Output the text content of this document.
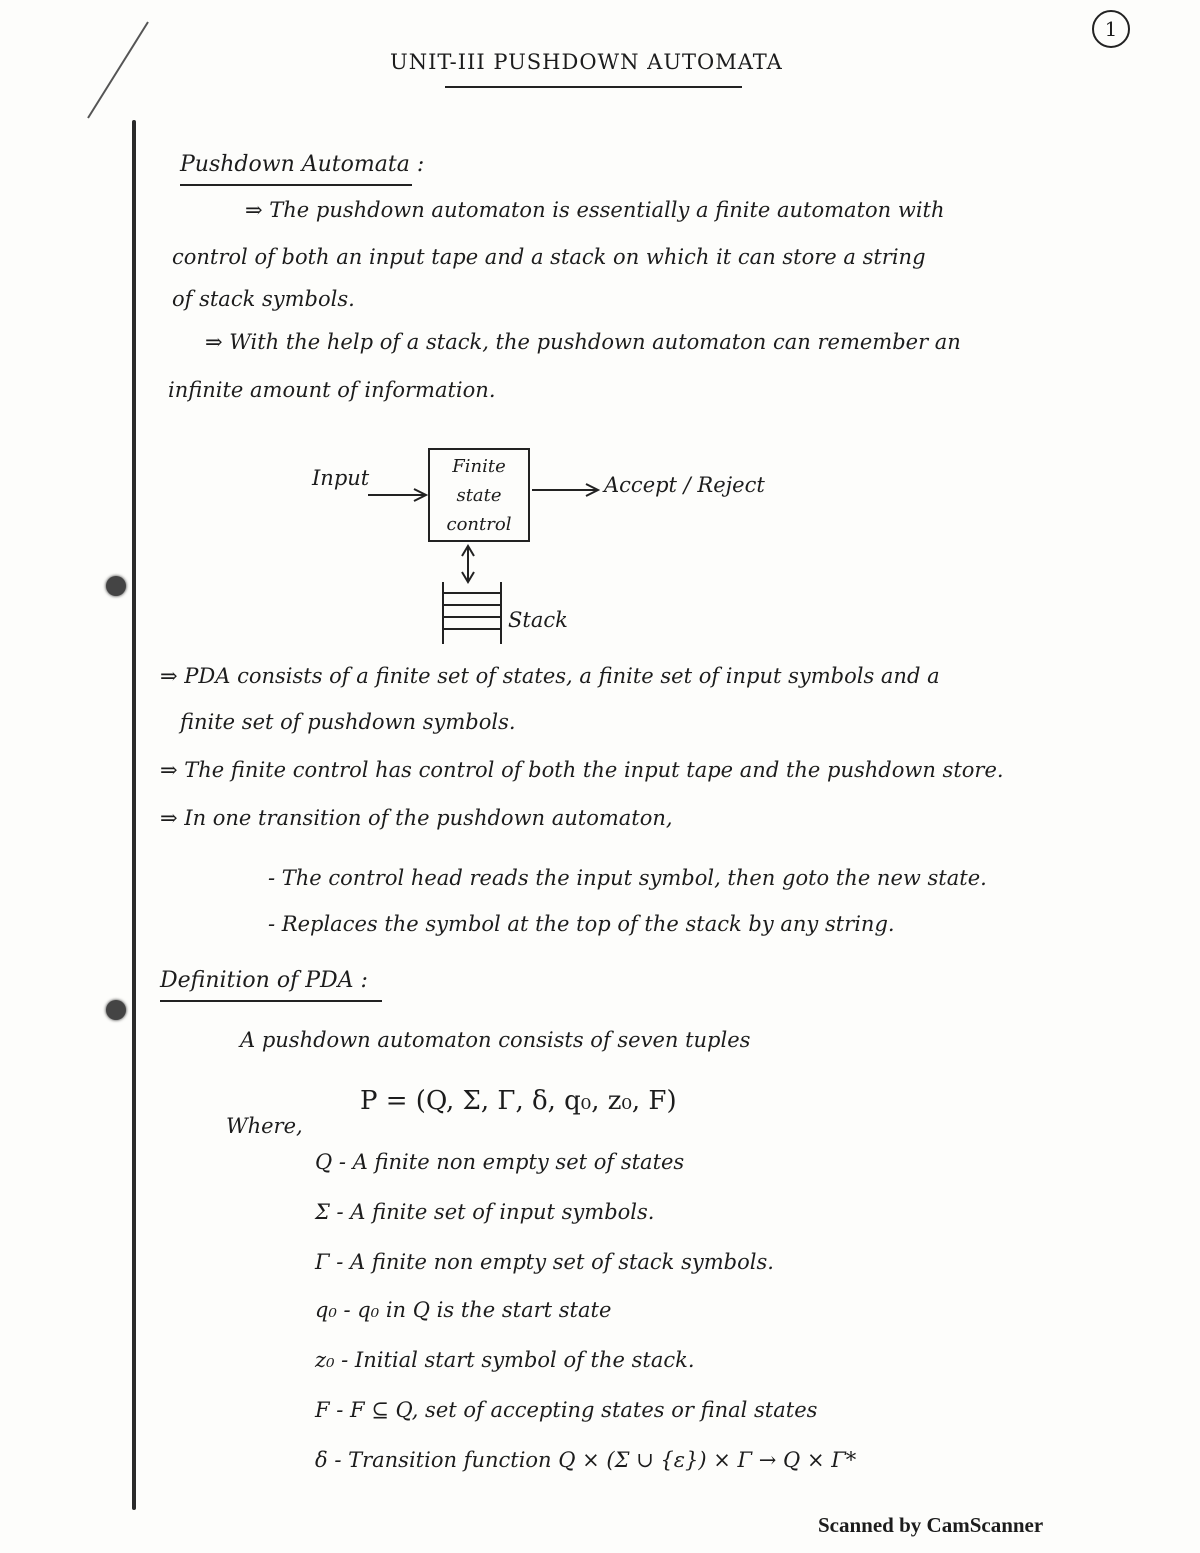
1
UNIT-III PUSHDOWN AUTOMATA
Pushdown Automata :
⇒ The pushdown automaton is essentially a finite automaton with
control of both an input tape and a stack on which it can store a string
of stack symbols.
⇒ With the help of a stack, the pushdown automaton can remember an
infinite amount of information.
Input	Finite
state
control
Accept / Reject
Stack
⇒ PDA consists of a finite set of states, a finite set of input symbols and a
finite set of pushdown symbols.
⇒ The finite control has control of both the input tape and the pushdown store.
⇒ In one transition of the pushdown automaton,
- The control head reads the input symbol, then goto the new state.
- Replaces the symbol at the top of the stack by any string.
Definition of PDA :
A pushdown automaton consists of seven tuples
P = (Q, Σ, Γ, δ, q₀, z₀, F)
Where,
Q - A finite non empty set of states
Σ - A finite set of input symbols.
Γ - A finite non empty set of stack symbols.
q₀ - q₀ in Q is the start state
z₀ - Initial start symbol of the stack.
F - F ⊆ Q, set of accepting states or final states
δ - Transition function Q × (Σ ∪ {ε}) × Γ → Q × Γ*
Scanned by CamScanner
